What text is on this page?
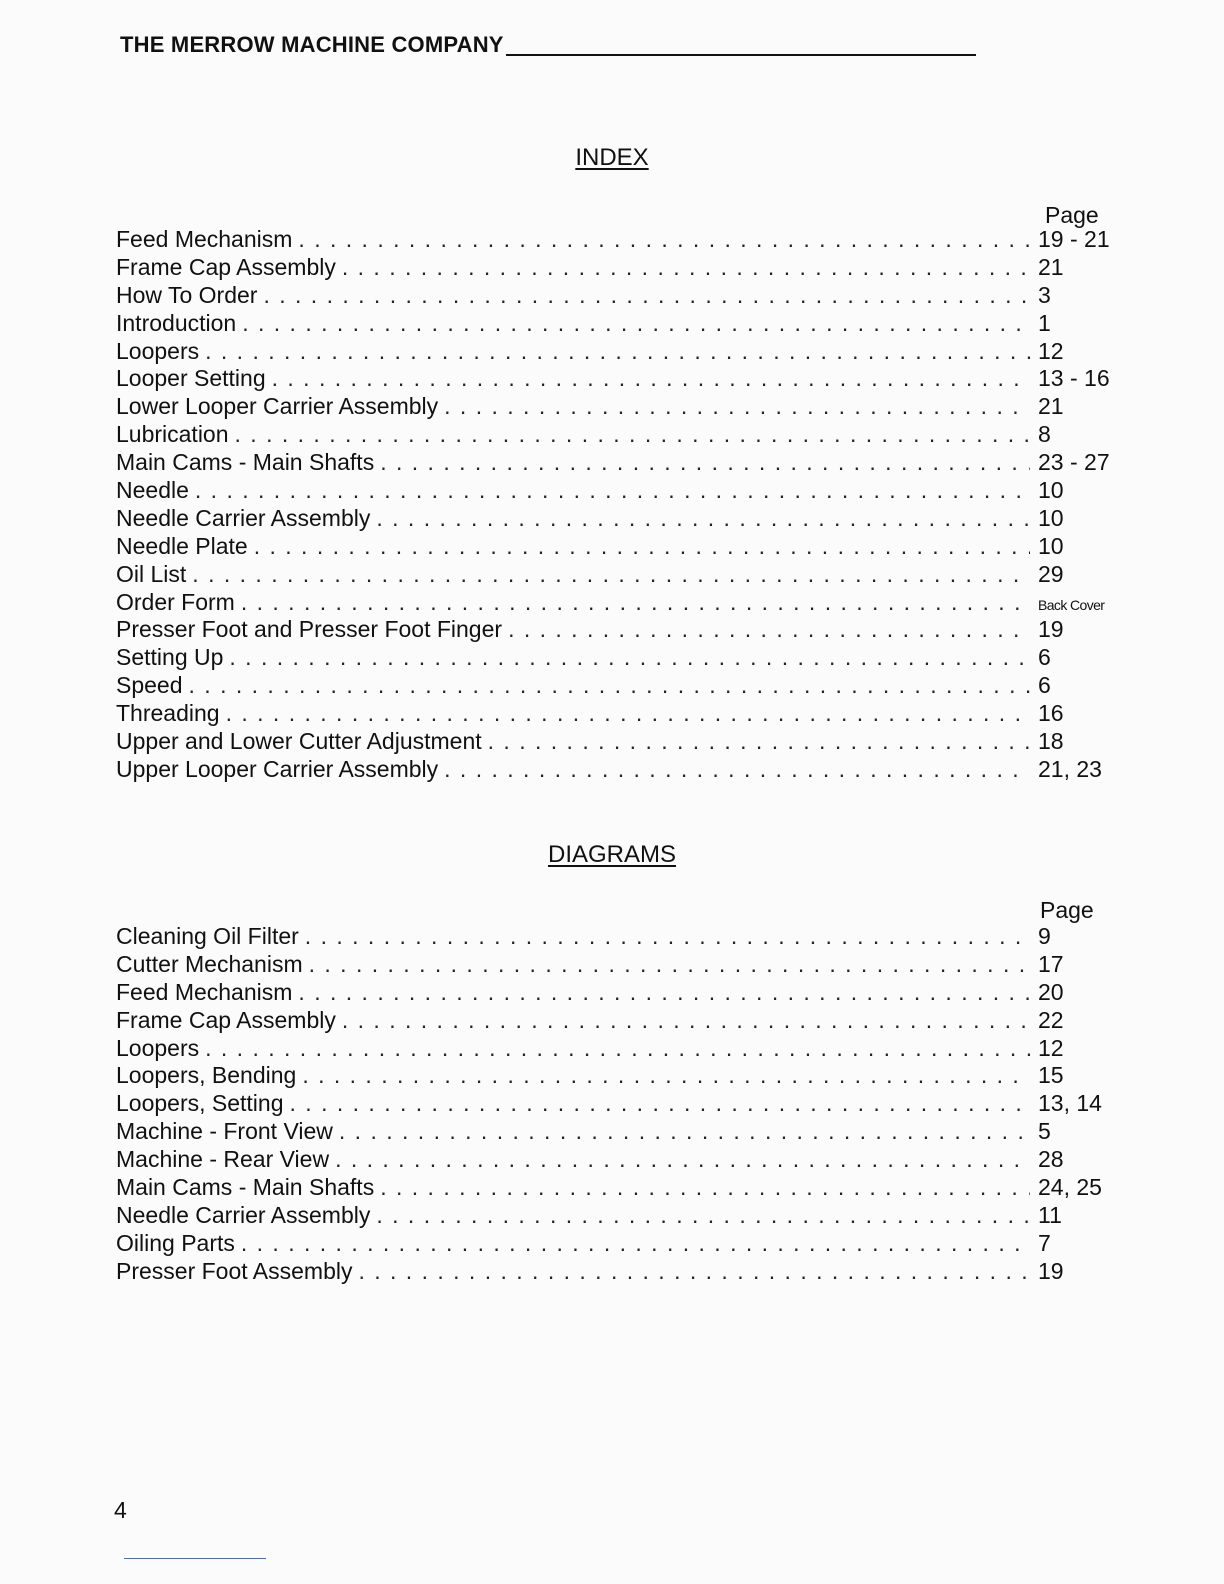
THE MERROW MACHINE COMPANY
INDEX
Page
Feed Mechanism . . .	19 - 21
Frame Cap Assembly . . .	21
How To Order . . .	3
Introduction . . .	1
Loopers . . .	12
Looper Setting . . .	13 - 16
Lower Looper Carrier Assembly . . .	21
Lubrication . . .	8
Main Cams - Main Shafts . . .	23 - 27
Needle . . .	10
Needle Carrier Assembly . . .	10
Needle Plate . . .	10
Oil List . . .	29
Order Form . . .	Back Cover
Presser Foot and Presser Foot Finger . . .	19
Setting Up . . .	6
Speed . . .	6
Threading . . .	16
Upper and Lower Cutter Adjustment . . .	18
Upper Looper Carrier Assembly . . .	21, 23
DIAGRAMS
Page
Cleaning Oil Filter . . .	9
Cutter Mechanism . . .	17
Feed Mechanism . . .	20
Frame Cap Assembly . . .	22
Loopers . . .	12
Loopers, Bending . . .	15
Loopers, Setting . . .	13, 14
Machine - Front View . . .	5
Machine - Rear View . . .	28
Main Cams - Main Shafts . . .	24, 25
Needle Carrier Assembly . . .	11
Oiling Parts . . .	7
Presser Foot Assembly . . .	19
4
